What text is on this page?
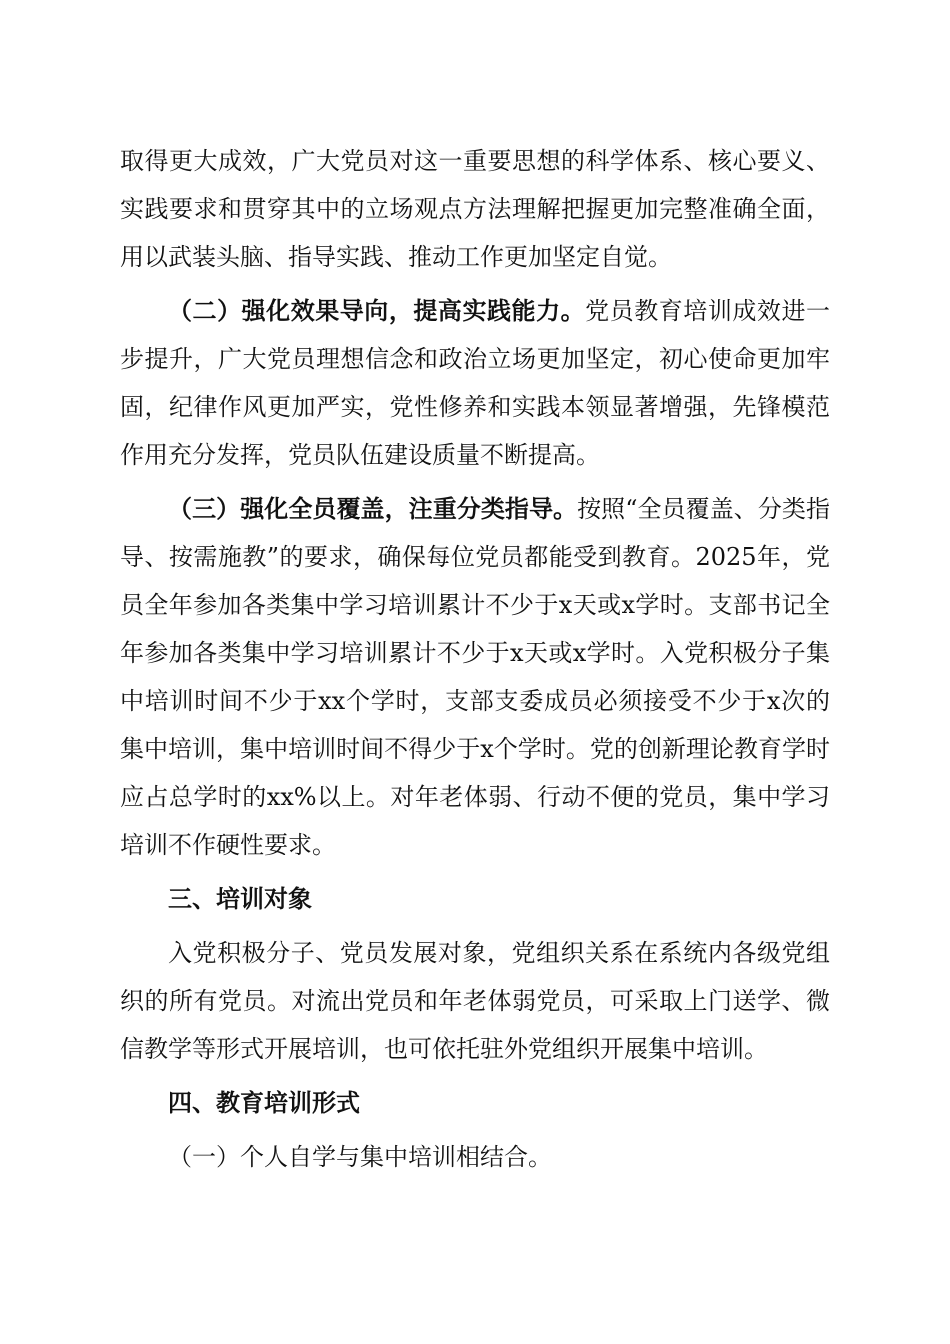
取得更大成效，广大党员对这一重要思想的科学体系、核心要义、实践要求和贯穿其中的立场观点方法理解把握更加完整准确全面，用以武装头脑、指导实践、推动工作更加坚定自觉。

（二）强化效果导向，提高实践能力。党员教育培训成效进一步提升，广大党员理想信念和政治立场更加坚定，初心使命更加牢固，纪律作风更加严实，党性修养和实践本领显著增强，先锋模范作用充分发挥，党员队伍建设质量不断提高。

（三）强化全员覆盖，注重分类指导。按照“全员覆盖、分类指导、按需施教”的要求，确保每位党员都能受到教育。2025年，党员全年参加各类集中学习培训累计不少于x天或x学时。支部书记全年参加各类集中学习培训累计不少于x天或x学时。入党积极分子集中培训时间不少于xx个学时，支部支委成员必须接受不少于x次的集中培训，集中培训时间不得少于x个学时。党的创新理论教育学时应占总学时的xx%以上。对年老体弱、行动不便的党员，集中学习培训不作硬性要求。

三、培训对象

入党积极分子、党员发展对象，党组织关系在系统内各级党组织的所有党员。对流出党员和年老体弱党员，可采取上门送学、微信教学等形式开展培训，也可依托驻外党组织开展集中培训。

四、教育培训形式

（一）个人自学与集中培训相结合。
